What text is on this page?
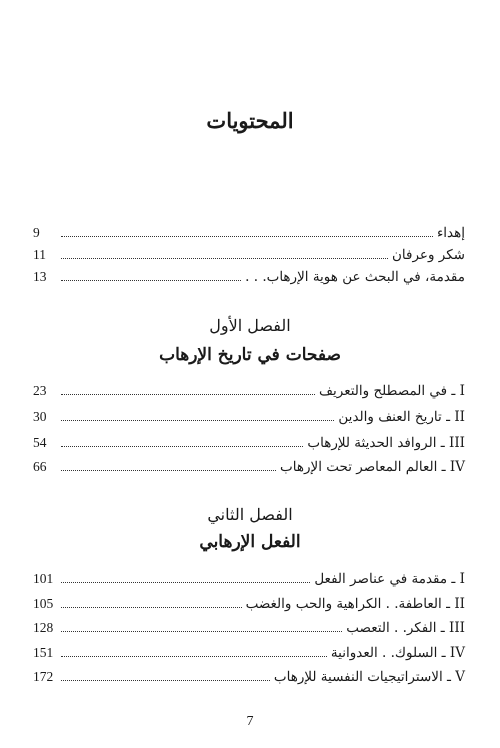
المحتويات
إهداء
9
شكر وعرفان
11
مقدمة، في البحث عن هوية الإرهاب. . .
13
الفصل الأول
صفحات في تاريخ الإرهاب
I ـ في المصطلح والتعريف
23
II ـ تاريخ العنف والدين
30
III ـ الروافد الحديثة للإرهاب
54
IV ـ العالم المعاصر تحت الإرهاب
66
الفصل الثاني
الفعل الإرهابي
I ـ مقدمة في عناصر الفعل
101
II ـ العاطفة. . الكراهية والحب والغضب
105
III ـ الفكر. . التعصب
128
IV ـ السلوك. . العدوانية
151
V ـ الاستراتيجيات النفسية للإرهاب
172
7
